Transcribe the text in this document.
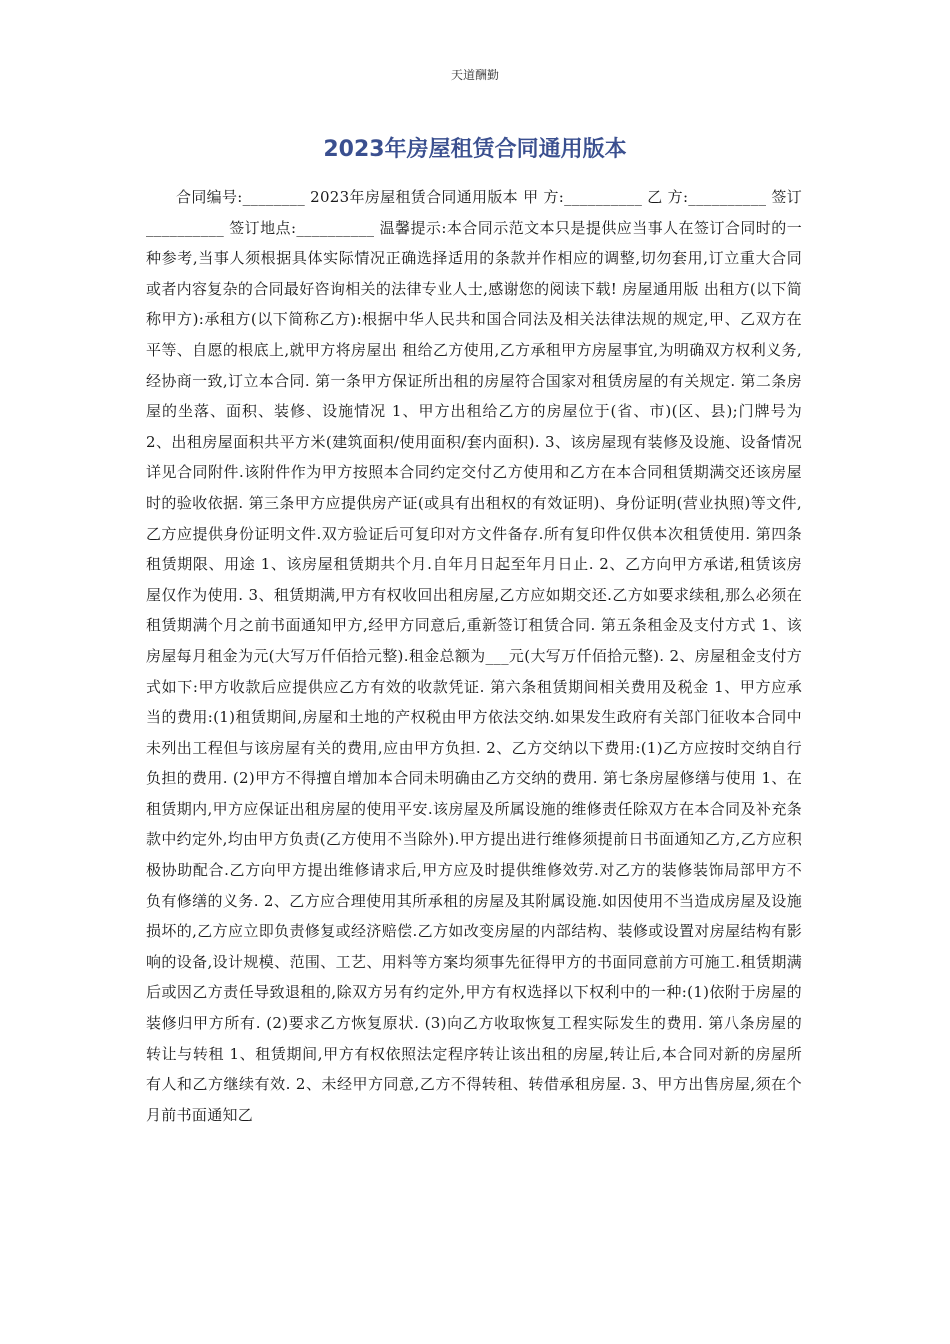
天道酬勤
2023年房屋租赁合同通用版本

合同编号:________ 2023年房屋租赁合同通用版本 甲 方:__________ 乙 方:__________ 签订__________ 签订地点:__________ 温馨提示:本合同示范文本只是提供应当事人在签订合同时的一种参考,当事人须根据具体实际情况正确选择适用的条款并作相应的调整,切勿套用,订立重大合同或者内容复杂的合同最好咨询相关的法律专业人士,感谢您的阅读下载! 房屋通用版 出租方(以下简称甲方):承租方(以下简称乙方):根据中华人民共和国合同法及相关法律法规的规定,甲、乙双方在平等、自愿的根底上,就甲方将房屋出 租给乙方使用,乙方承租甲方房屋事宜,为明确双方权利义务,经协商一致,订立本合同. 第一条甲方保证所出租的房屋符合国家对租赁房屋的有关规定. 第二条房屋的坐落、面积、装修、设施情况 1、甲方出租给乙方的房屋位于(省、市)(区、县);门牌号为 2、出租房屋面积共平方米(建筑面积/使用面积/套内面积). 3、该房屋现有装修及设施、设备情况详见合同附件.该附件作为甲方按照本合同约定交付乙方使用和乙方在本合同租赁期满交还该房屋时的验收依据. 第三条甲方应提供房产证(或具有出租权的有效证明)、身份证明(营业执照)等文件,乙方应提供身份证明文件.双方验证后可复印对方文件备存.所有复印件仅供本次租赁使用. 第四条租赁期限、用途 1、该房屋租赁期共个月.自年月日起至年月日止. 2、乙方向甲方承诺,租赁该房屋仅作为使用. 3、租赁期满,甲方有权收回出租房屋,乙方应如期交还.乙方如要求续租,那么必须在租赁期满个月之前书面通知甲方,经甲方同意后,重新签订租赁合同. 第五条租金及支付方式 1、该房屋每月租金为元(大写万仟佰拾元整).租金总额为___元(大写万仟佰拾元整). 2、房屋租金支付方式如下:甲方收款后应提供应乙方有效的收款凭证. 第六条租赁期间相关费用及税金 1、甲方应承当的费用:(1)租赁期间,房屋和土地的产权税由甲方依法交纳.如果发生政府有关部门征收本合同中未列出工程但与该房屋有关的费用,应由甲方负担. 2、乙方交纳以下费用:(1)乙方应按时交纳自行负担的费用. (2)甲方不得擅自增加本合同未明确由乙方交纳的费用. 第七条房屋修缮与使用 1、在租赁期内,甲方应保证出租房屋的使用平安.该房屋及所属设施的维修责任除双方在本合同及补充条款中约定外,均由甲方负责(乙方使用不当除外).甲方提出进行维修须提前日书面通知乙方,乙方应积极协助配合.乙方向甲方提出维修请求后,甲方应及时提供维修效劳.对乙方的装修装饰局部甲方不负有修缮的义务. 2、乙方应合理使用其所承租的房屋及其附属设施.如因使用不当造成房屋及设施损坏的,乙方应立即负责修复或经济赔偿.乙方如改变房屋的内部结构、装修或设置对房屋结构有影响的设备,设计规模、范围、工艺、用料等方案均须事先征得甲方的书面同意前方可施工.租赁期满后或因乙方责任导致退租的,除双方另有约定外,甲方有权选择以下权利中的一种:(1)依附于房屋的装修归甲方所有. (2)要求乙方恢复原状. (3)向乙方收取恢复工程实际发生的费用. 第八条房屋的转让与转租 1、租赁期间,甲方有权依照法定程序转让该出租的房屋,转让后,本合同对新的房屋所有人和乙方继续有效. 2、未经甲方同意,乙方不得转租、转借承租房屋. 3、甲方出售房屋,须在个月前书面通知乙
